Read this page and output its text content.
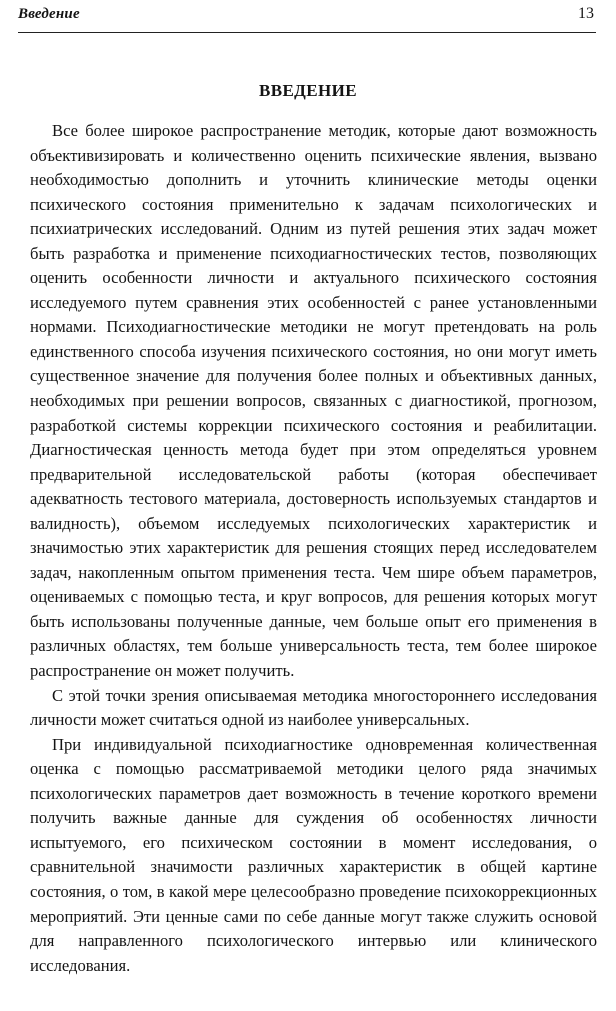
Введение	13
ВВЕДЕНИЕ

Все более широкое распространение методик, которые дают возможность объективизировать и количественно оценить психические явления, вызвано необходимостью дополнить и уточнить клинические методы оценки психического состояния применительно к задачам психологических и психиатрических исследований. Одним из путей решения этих задач может быть разработка и применение психодиагностических тестов, позволяющих оценить особенности личности и актуального психического состояния исследуемого путем сравнения этих особенностей с ранее установленными нормами. Психодиагностические методики не могут претендовать на роль единственного способа изучения психического состояния, но они могут иметь существенное значение для получения более полных и объективных данных, необходимых при решении вопросов, связанных с диагностикой, прогнозом, разработкой системы коррекции психического состояния и реабилитации. Диагностическая ценность метода будет при этом определяться уровнем предварительной исследовательской работы (которая обеспечивает адекватность тестового материала, достоверность используемых стандартов и валидность), объемом исследуемых психологических характеристик и значимостью этих характеристик для решения стоящих перед исследователем задач, накопленным опытом применения теста. Чем шире объем параметров, оцениваемых с помощью теста, и круг вопросов, для решения которых могут быть использованы полученные данные, чем больше опыт его применения в различных областях, тем больше универсальность теста, тем более широкое распространение он может получить.

С этой точки зрения описываемая методика многостороннего исследования личности может считаться одной из наиболее универсальных.

При индивидуальной психодиагностике одновременная количественная оценка с помощью рассматриваемой методики целого ряда значимых психологических параметров дает возможность в течение короткого времени получить важные данные для суждения об особенностях личности испытуемого, его психическом состоянии в момент исследования, о сравнительной значимости различных характеристик в общей картине состояния, о том, в какой мере целесообразно проведение психокоррекционных мероприятий. Эти ценные сами по себе данные могут также служить основой для направленного психологического интервью или клинического исследования.
